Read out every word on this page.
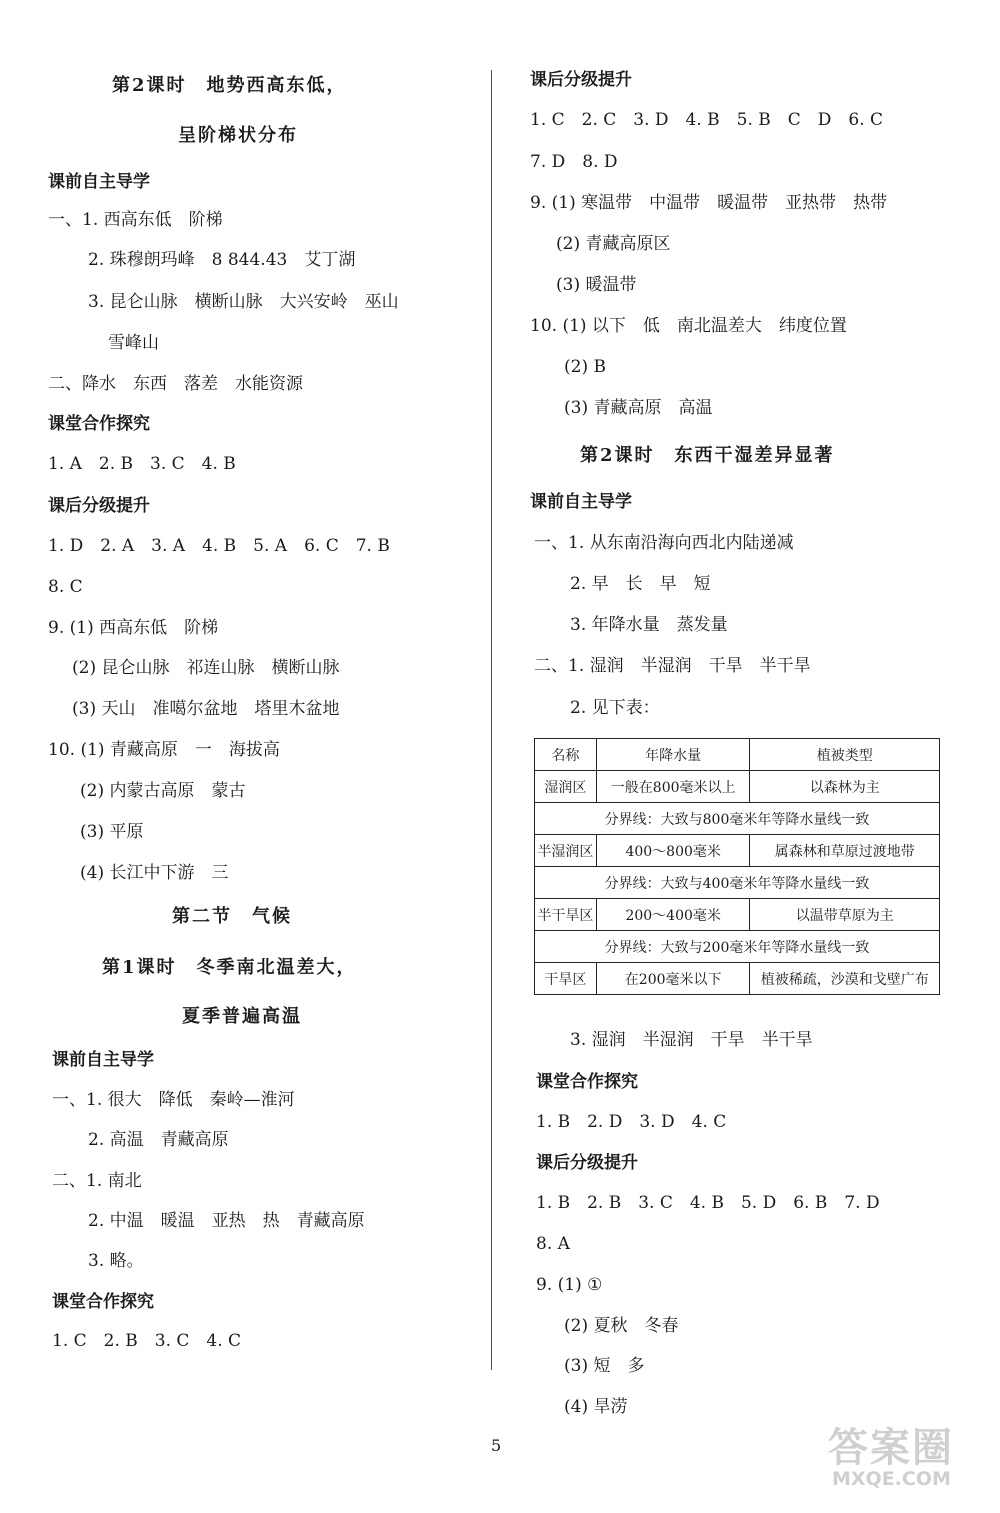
第2课时　地势西高东低，
呈阶梯状分布
课前自主导学
一、1. 西高东低　阶梯
2. 珠穆朗玛峰　8 844.43　艾丁湖
3. 昆仑山脉　横断山脉　大兴安岭　巫山
雪峰山
二、降水　东西　落差　水能资源
课堂合作探究
1. A　2. B　3. C　4. B
课后分级提升
1. D　2. A　3. A　4. B　5. A　6. C　7. B
8. C
9. (1) 西高东低　阶梯
(2) 昆仑山脉　祁连山脉　横断山脉
(3) 天山　准噶尔盆地　塔里木盆地
10. (1) 青藏高原　一　海拔高
(2) 内蒙古高原　蒙古
(3) 平原
(4) 长江中下游　三
第二节　气候
第1课时　冬季南北温差大，
夏季普遍高温
课前自主导学
一、1. 很大　降低　秦岭—淮河
2. 高温　青藏高原
二、1. 南北
2. 中温　暖温　亚热　热　青藏高原
3. 略。
课堂合作探究
1. C　2. B　3. C　4. C
课后分级提升
1. C　2. C　3. D　4. B　5. B　C　D　6. C
7. D　8. D
9. (1) 寒温带　中温带　暖温带　亚热带　热带
(2) 青藏高原区
(3) 暖温带
10. (1) 以下　低　南北温差大　纬度位置
(2) B
(3) 青藏高原　高温
第2课时　东西干湿差异显著
课前自主导学
一、1. 从东南沿海向西北内陆递减
2. 早　长　早　短
3. 年降水量　蒸发量
二、1. 湿润　半湿润　干旱　半干旱
2. 见下表：
3. 湿润　半湿润　干旱　半干旱
课堂合作探究
1. B　2. D　3. D　4. C
课后分级提升
1. B　2. B　3. C　4. B　5. D　6. B　7. D
8. A
9. (1) ①
(2) 夏秋　冬春
(3) 短　多
(4) 旱涝
名称	年降水量	植被类型
湿润区	一般在800毫米以上	以森林为主
分界线：大致与800毫米年等降水量线一致		
半湿润区	400～800毫米	属森林和草原过渡地带
分界线：大致与400毫米年等降水量线一致		
半干旱区	200～400毫米	以温带草原为主
分界线：大致与200毫米年等降水量线一致		
干旱区	在200毫米以下	植被稀疏，沙漠和戈壁广布
5	答案圈
MXQE.COM
